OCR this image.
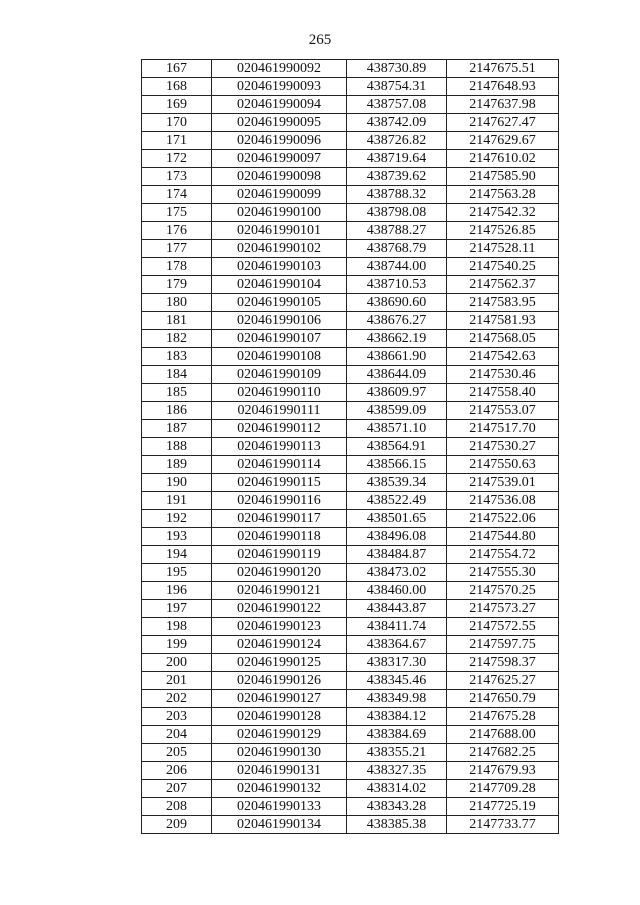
265
167	020461990092	438730.89	2147675.51
168	020461990093	438754.31	2147648.93
169	020461990094	438757.08	2147637.98
170	020461990095	438742.09	2147627.47
171	020461990096	438726.82	2147629.67
172	020461990097	438719.64	2147610.02
173	020461990098	438739.62	2147585.90
174	020461990099	438788.32	2147563.28
175	020461990100	438798.08	2147542.32
176	020461990101	438788.27	2147526.85
177	020461990102	438768.79	2147528.11
178	020461990103	438744.00	2147540.25
179	020461990104	438710.53	2147562.37
180	020461990105	438690.60	2147583.95
181	020461990106	438676.27	2147581.93
182	020461990107	438662.19	2147568.05
183	020461990108	438661.90	2147542.63
184	020461990109	438644.09	2147530.46
185	020461990110	438609.97	2147558.40
186	020461990111	438599.09	2147553.07
187	020461990112	438571.10	2147517.70
188	020461990113	438564.91	2147530.27
189	020461990114	438566.15	2147550.63
190	020461990115	438539.34	2147539.01
191	020461990116	438522.49	2147536.08
192	020461990117	438501.65	2147522.06
193	020461990118	438496.08	2147544.80
194	020461990119	438484.87	2147554.72
195	020461990120	438473.02	2147555.30
196	020461990121	438460.00	2147570.25
197	020461990122	438443.87	2147573.27
198	020461990123	438411.74	2147572.55
199	020461990124	438364.67	2147597.75
200	020461990125	438317.30	2147598.37
201	020461990126	438345.46	2147625.27
202	020461990127	438349.98	2147650.79
203	020461990128	438384.12	2147675.28
204	020461990129	438384.69	2147688.00
205	020461990130	438355.21	2147682.25
206	020461990131	438327.35	2147679.93
207	020461990132	438314.02	2147709.28
208	020461990133	438343.28	2147725.19
209	020461990134	438385.38	2147733.77
